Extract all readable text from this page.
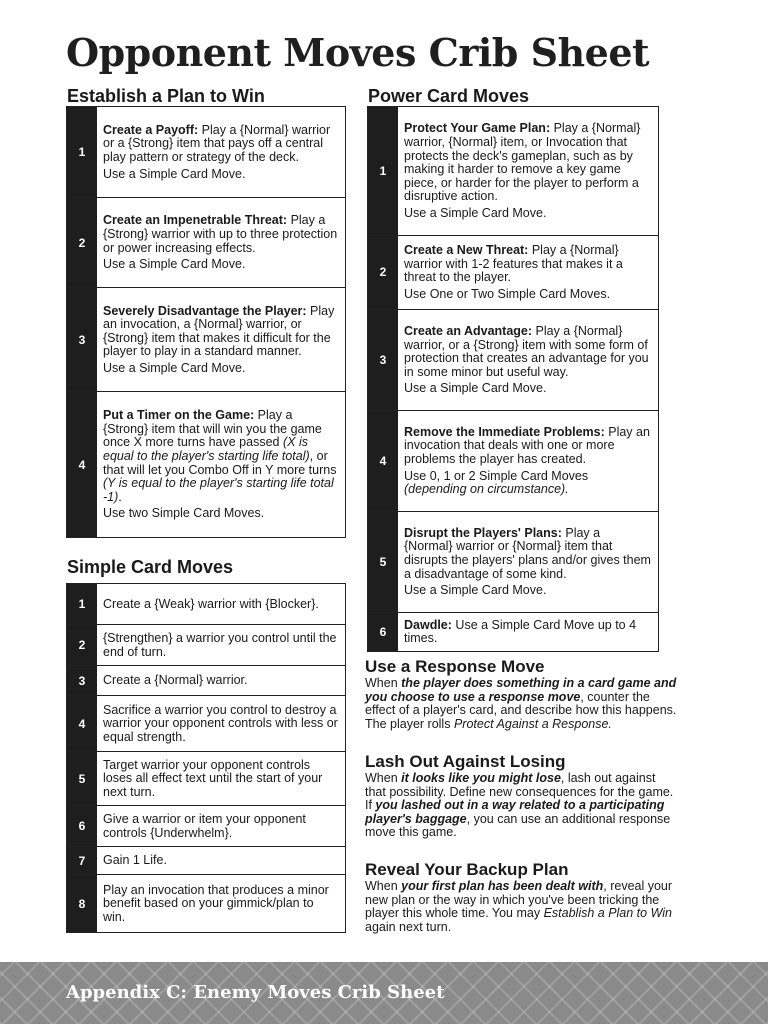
Opponent Moves Crib Sheet
Establish a Plan to Win
1
Create a Payoff: Play a {Normal} warrior or a {Strong} item that pays off a central play pattern or strategy of the deck.
Use a Simple Card Move.
2
Create an Impenetrable Threat: Play a {Strong} warrior with up to three protection or power increasing effects.
Use a Simple Card Move.
3
Severely Disadvantage the Player: Play an invocation, a {Normal} warrior, or {Strong} item that makes it difficult for the player to play in a standard manner.
Use a Simple Card Move.
4
Put a Timer on the Game: Play a {Strong} item that will win you the game once X more turns have passed (X is equal to the player's starting life total), or that will let you Combo Off in Y more turns (Y is equal to the player's starting life total -1).
Use two Simple Card Moves.
Simple Card Moves
1	Create a {Weak} warrior with {Blocker}.
2
{Strengthen} a warrior you control until the end of turn.
3	Create a {Normal} warrior.
4
Sacrifice a warrior you control to destroy a warrior your opponent controls with less or equal strength.
5
Target warrior your opponent controls loses all effect text until the start of your next turn.
6
Give a warrior or item your opponent controls {Underwhelm}.
7	Gain 1 Life.
8
Play an invocation that produces a minor benefit based on your gimmick/plan to win.
Power Card Moves
1
Protect Your Game Plan: Play a {Normal} warrior, {Normal} item, or Invocation that protects the deck's gameplan, such as by making it harder to remove a key game piece, or harder for the player to perform a disruptive action.
Use a Simple Card Move.
2
Create a New Threat: Play a {Normal} warrior with 1-2 features that makes it a threat to the player.
Use One or Two Simple Card Moves.
3
Create an Advantage: Play a {Normal} warrior, or a {Strong} item with some form of protection that creates an advantage for you in some minor but useful way.
Use a Simple Card Move.
4
Remove the Immediate Problems: Play an invocation that deals with one or more problems the player has created.
Use 0, 1 or 2 Simple Card Moves
(depending on circumstance).
5
Disrupt the Players' Plans: Play a {Normal} warrior or {Normal} item that disrupts the players' plans and/or gives them a disadvantage of some kind.
Use a Simple Card Move.
6
Dawdle: Use a Simple Card Move up to 4 times.
Use a Response Move
When the player does something in a card game and you choose to use a response move, counter the effect of a player's card, and describe how this happens. The player rolls Protect Against a Response.
Lash Out Against Losing
When it looks like you might lose, lash out against that possibility. Define new consequences for the game.
If you lashed out in a way related to a participating player's baggage, you can use an additional response move this game.
Reveal Your Backup Plan
When your first plan has been dealt with, reveal your new plan or the way in which you've been tricking the player this whole time. You may Establish a Plan to Win again next turn.
Appendix C: Enemy Moves Crib Sheet
